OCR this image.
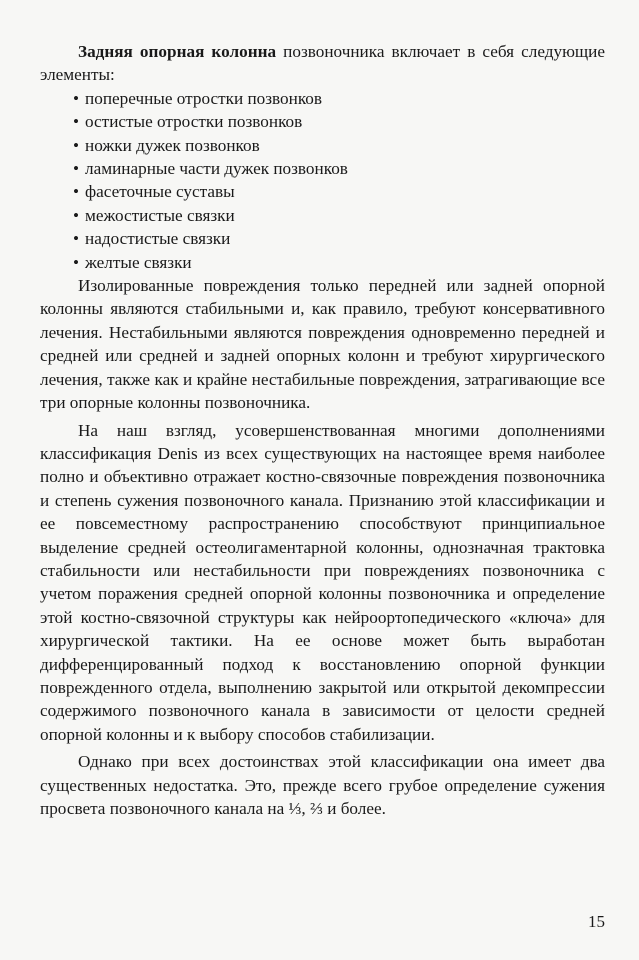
Задняя опорная колонна позвоночника включает в себя следующие элементы:

• поперечные отростки позвонков
• остистые отростки позвонков
• ножки дужек позвонков
• ламинарные части дужек позвонков
• фасеточные суставы
• межостистые связки
• надостистые связки
• желтые связки

Изолированные повреждения только передней или задней опорной колонны являются стабильными и, как правило, требуют консервативного лечения. Нестабильными являются повреждения одновременно передней и средней или средней и задней опорных колонн и требуют хирургического лечения, также как и крайне нестабильные повреждения, затрагивающие все три опорные колонны позвоночника.

На наш взгляд, усовершенствованная многими дополнениями классификация Denis из всех существующих на настоящее время наиболее полно и объективно отражает костно-связочные повреждения позвоночника и степень сужения позвоночного канала. Признанию этой классификации и ее повсеместному распространению способствуют принципиальное выделение средней остеолигаментарной колонны, однозначная трактовка стабильности или нестабильности при повреждениях позвоночника с учетом поражения средней опорной колонны позвоночника и определение этой костно-связочной структуры как нейроортопедического «ключа» для хирургической тактики. На ее основе может быть выработан дифференцированный подход к восстановлению опорной функции поврежденного отдела, выполнению закрытой или открытой декомпрессии содержимого позвоночного канала в зависимости от целости средней опорной колонны и к выбору способов стабилизации.

Однако при всех достоинствах этой классификации она имеет два существенных недостатка. Это, прежде всего грубое определение сужения просвета позвоночного канала на ⅓, ⅔ и более.

15
